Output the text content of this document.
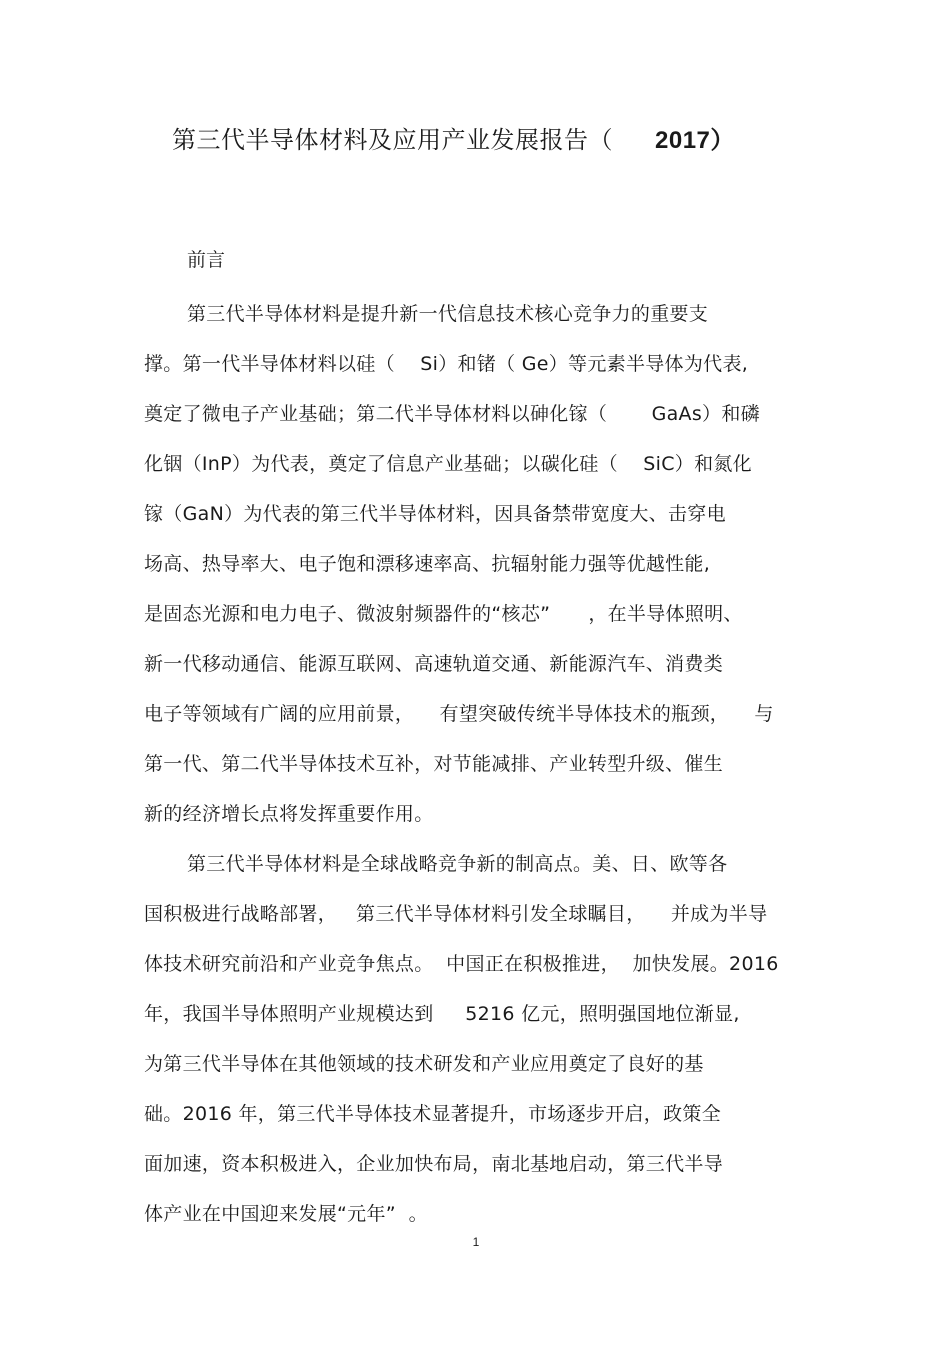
第三代半导体材料及应用产业发展报告（ 2017）
前言
第三代半导体材料是提升新一代信息技术核心竞争力的重要支
撑。第一代半导体材料以硅（    Si）和锗（ Ge）等元素半导体为代表,
奠定了微电子产业基础；第二代半导体材料以砷化镓（       GaAs）和磷
化铟（InP）为代表，奠定了信息产业基础；以碳化硅（    SiC）和氮化
镓（GaN）为代表的第三代半导体材料，因具备禁带宽度大、击穿电
场高、热导率大、电子饱和漂移速率高、抗辐射能力强等优越性能,
是固态光源和电力电子、微波射频器件的“核芯”      ，在半导体照明、
新一代移动通信、能源互联网、高速轨道交通、新能源汽车、消费类
电子等领域有广阔的应用前景，    有望突破传统半导体技术的瓶颈，    与
第一代、第二代半导体技术互补，对节能减排、产业转型升级、催生
新的经济增长点将发挥重要作用。
第三代半导体材料是全球战略竞争新的制高点。美、日、欧等各
国积极进行战略部署，   第三代半导体材料引发全球瞩目，    并成为半导
体技术研究前沿和产业竞争焦点。  中国正在积极推进，  加快发展。2016
年，我国半导体照明产业规模达到     5216 亿元，照明强国地位渐显,
为第三代半导体在其他领域的技术研发和产业应用奠定了良好的基
础。2016 年，第三代半导体技术显著提升，市场逐步开启，政策全
面加速，资本积极进入，企业加快布局，南北基地启动，第三代半导
体产业在中国迎来发展“元年”  。
1
